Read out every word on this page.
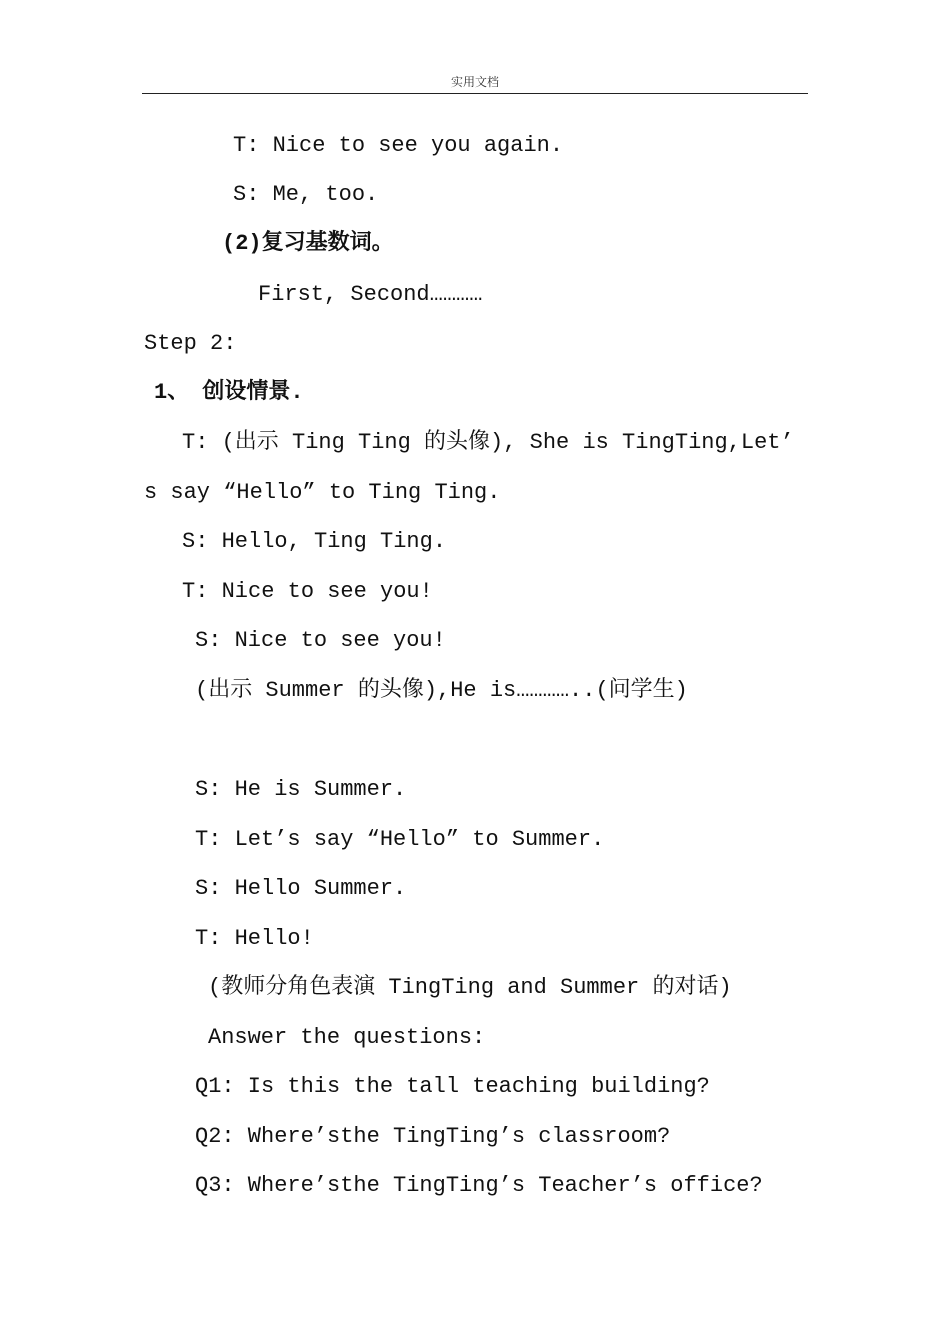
实用文档
T: Nice to see you again.
S: Me, too.
(2)复习基数词。
First, Second…………
Step 2:
1、 创设情景.
T: (出示 Ting Ting 的头像), She is TingTing,Let’
s say “Hello” to Ting Ting.
S: Hello, Ting Ting.
T: Nice to see you!
S: Nice to see you!
(出示 Summer 的头像),He is…………..(问学生)
S: He is Summer.
T: Let’s say “Hello” to Summer.
S: Hello Summer.
T: Hello!
(教师分角色表演 TingTing and Summer 的对话)
Answer the questions:
Q1: Is this the tall teaching building?
Q2: Where’sthe TingTing’s classroom?
Q3: Where’sthe TingTing’s Teacher’s office?
